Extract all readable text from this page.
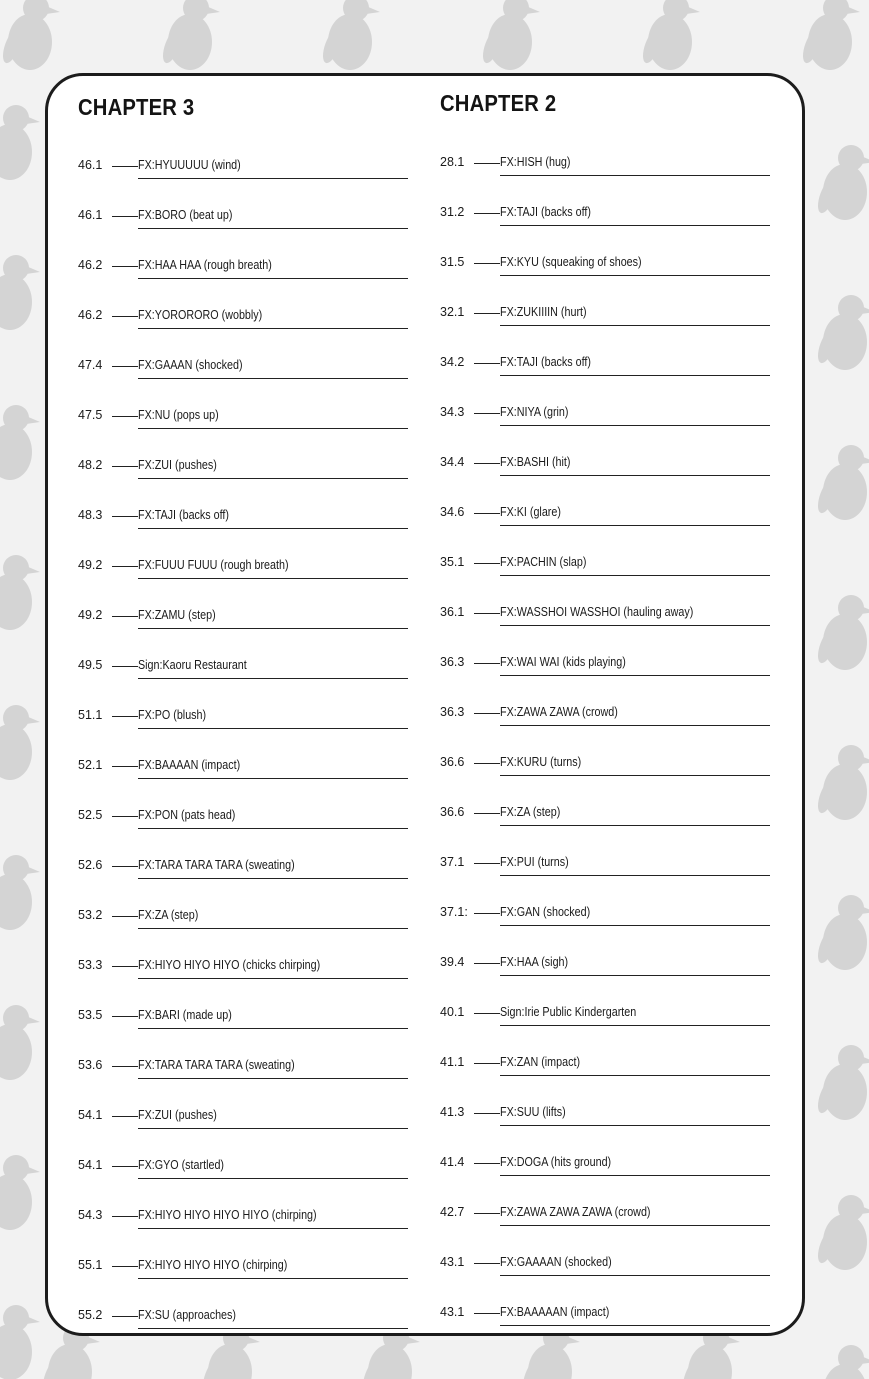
CHAPTER 3
46.1	FX:HYUUUUU (wind)
46.1	FX:BORO (beat up)
46.2	FX:HAA HAA (rough breath)
46.2	FX:YORORORO (wobbly)
47.4	FX:GAAAN (shocked)
47.5	FX:NU (pops up)
48.2	FX:ZUI (pushes)
48.3	FX:TAJI (backs off)
49.2	FX:FUUU FUUU (rough breath)
49.2	FX:ZAMU (step)
49.5	Sign:Kaoru Restaurant
51.1	FX:PO (blush)
52.1	FX:BAAAAN (impact)
52.5	FX:PON (pats head)
52.6	FX:TARA TARA TARA (sweating)
53.2	FX:ZA (step)
53.3	FX:HIYO HIYO HIYO (chicks chirping)
53.5	FX:BARI (made up)
53.6	FX:TARA TARA TARA (sweating)
54.1	FX:ZUI (pushes)
54.1	FX:GYO (startled)
54.3	FX:HIYO HIYO HIYO HIYO (chirping)
55.1	FX:HIYO HIYO HIYO (chirping)
55.2	FX:SU (approaches)
CHAPTER 2
28.1	FX:HISH (hug)
31.2	FX:TAJI (backs off)
31.5	FX:KYU (squeaking of shoes)
32.1	FX:ZUKIIIIN (hurt)
34.2	FX:TAJI (backs off)
34.3	FX:NIYA (grin)
34.4	FX:BASHI (hit)
34.6	FX:KI (glare)
35.1	FX:PACHIN (slap)
36.1	FX:WASSHOI WASSHOI (hauling away)
36.3	FX:WAI WAI (kids playing)
36.3	FX:ZAWA ZAWA (crowd)
36.6	FX:KURU (turns)
36.6	FX:ZA (step)
37.1	FX:PUI (turns)
37.1:	FX:GAN (shocked)
39.4	FX:HAA (sigh)
40.1	Sign:Irie Public Kindergarten
41.1	FX:ZAN (impact)
41.3	FX:SUU (lifts)
41.4	FX:DOGA (hits ground)
42.7	FX:ZAWA ZAWA ZAWA (crowd)
43.1	FX:GAAAAN (shocked)
43.1	FX:BAAAAAN (impact)
